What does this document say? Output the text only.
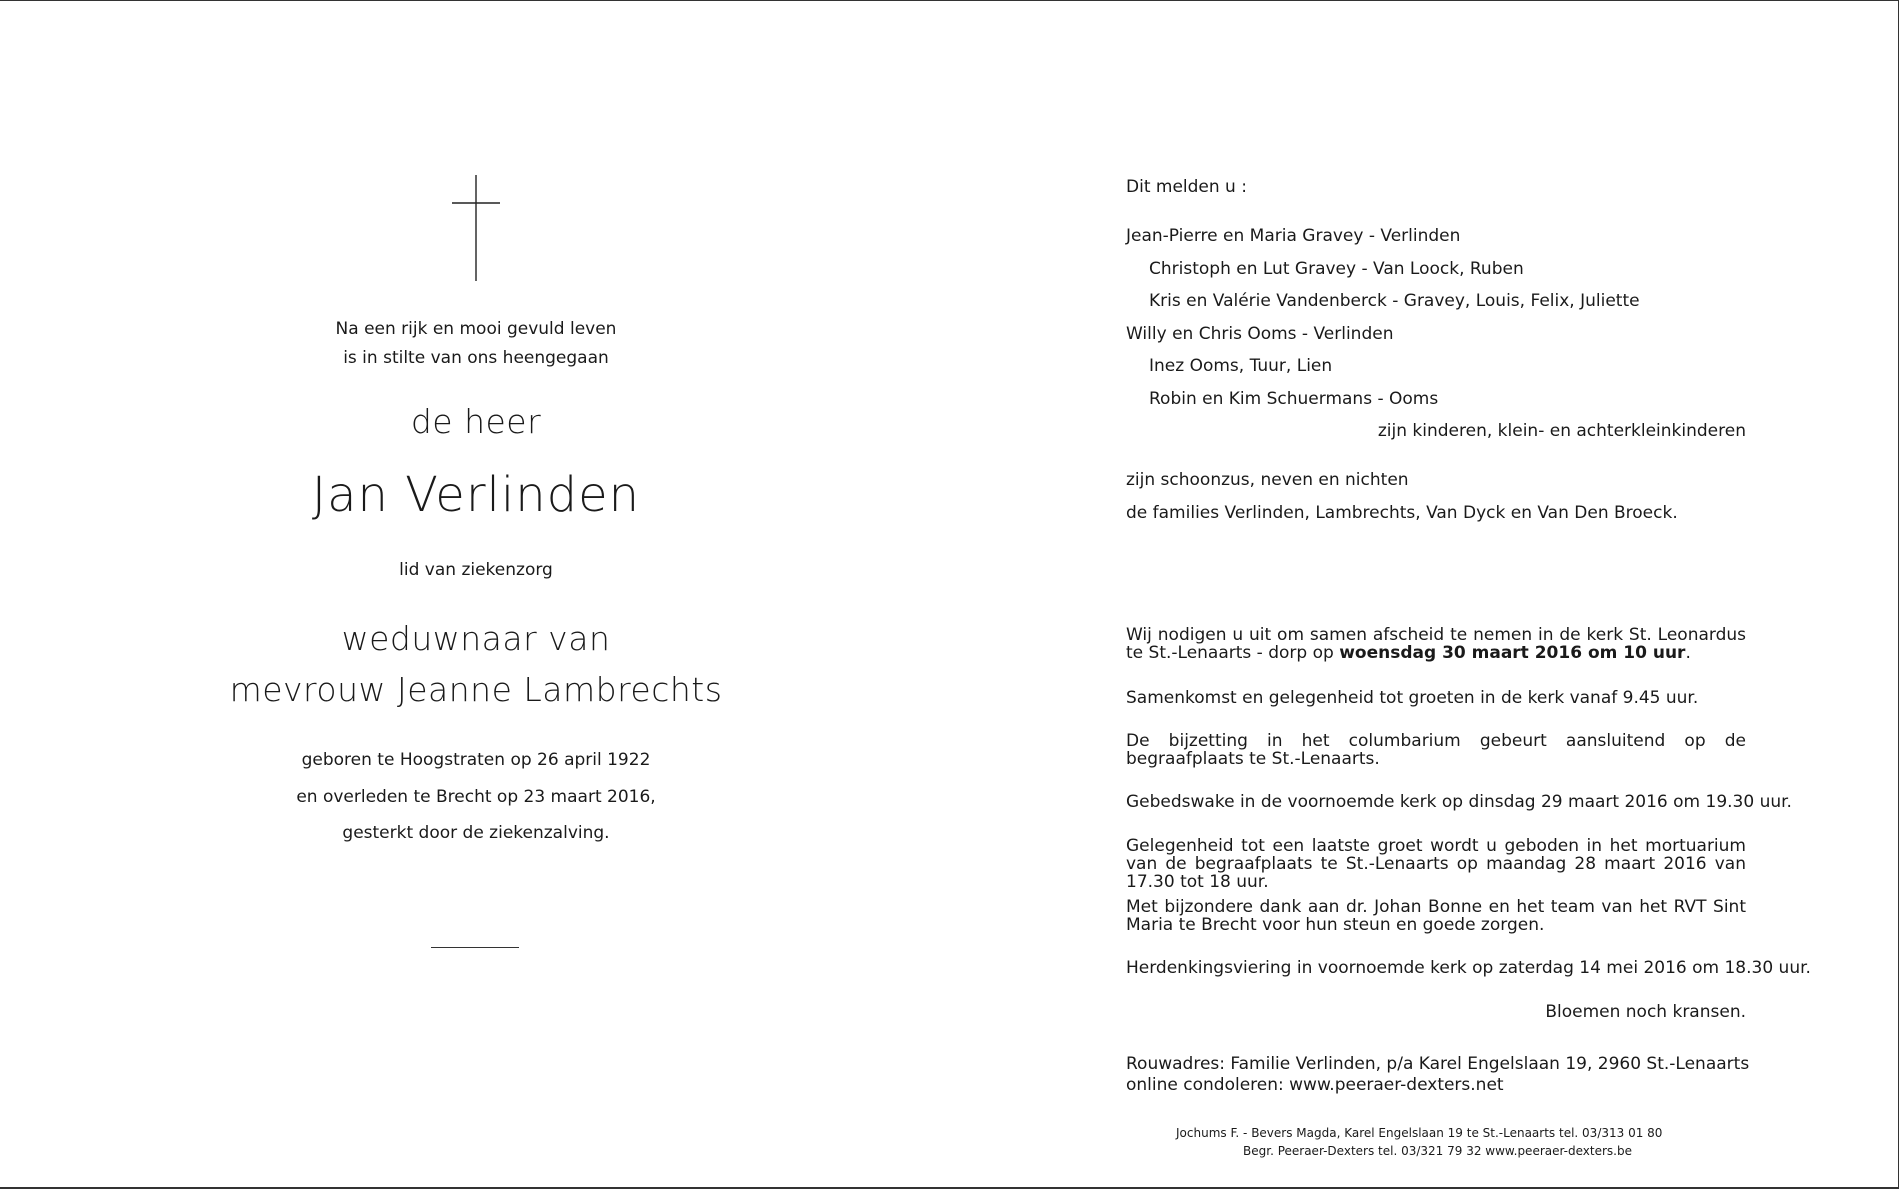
Na een rijk en mooi gevuld leven
is in stilte van ons heengegaan
de heer
Jan Verlinden
lid van ziekenzorg
weduwnaar van
mevrouw Jeanne Lambrechts
geboren te Hoogstraten op 26 april 1922
en overleden te Brecht op 23 maart 2016,
gesterkt door de ziekenzalving.
Dit melden u :
Jean-Pierre en Maria Gravey - Verlinden
Christoph en Lut Gravey - Van Loock, Ruben
Kris en Valérie Vandenberck - Gravey, Louis, Felix, Juliette
Willy en Chris Ooms - Verlinden
Inez Ooms, Tuur, Lien
Robin en Kim Schuermans - Ooms
zijn kinderen, klein- en achterkleinkinderen
zijn schoonzus, neven en nichten
de families Verlinden, Lambrechts, Van Dyck en Van Den Broeck.
Wij nodigen u uit om samen afscheid te nemen in de kerk St. Leonardus te St.-Lenaarts - dorp op woensdag 30 maart 2016 om 10 uur.
Samenkomst en gelegenheid tot groeten in de kerk vanaf 9.45 uur.
De bijzetting in het columbarium gebeurt aansluitend op de begraafplaats te St.-Lenaarts.
Gebedswake in de voornoemde kerk op dinsdag 29 maart 2016 om 19.30 uur.
Gelegenheid tot een laatste groet wordt u geboden in het mortuarium van de begraafplaats te St.-Lenaarts op maandag 28 maart 2016 van 17.30 tot 18 uur.
Met bijzondere dank aan dr. Johan Bonne en het team van het RVT Sint Maria te Brecht voor hun steun en goede zorgen.
Herdenkingsviering in voornoemde kerk op zaterdag 14 mei 2016 om 18.30 uur.
Bloemen noch kransen.
Rouwadres: Familie Verlinden, p/a Karel Engelslaan 19, 2960 St.-Lenaarts
online condoleren: www.peeraer-dexters.net
Jochums F. - Bevers Magda, Karel Engelslaan 19 te St.-Lenaarts tel. 03/313 01 80
Begr. Peeraer-Dexters tel. 03/321 79 32 www.peeraer-dexters.be
